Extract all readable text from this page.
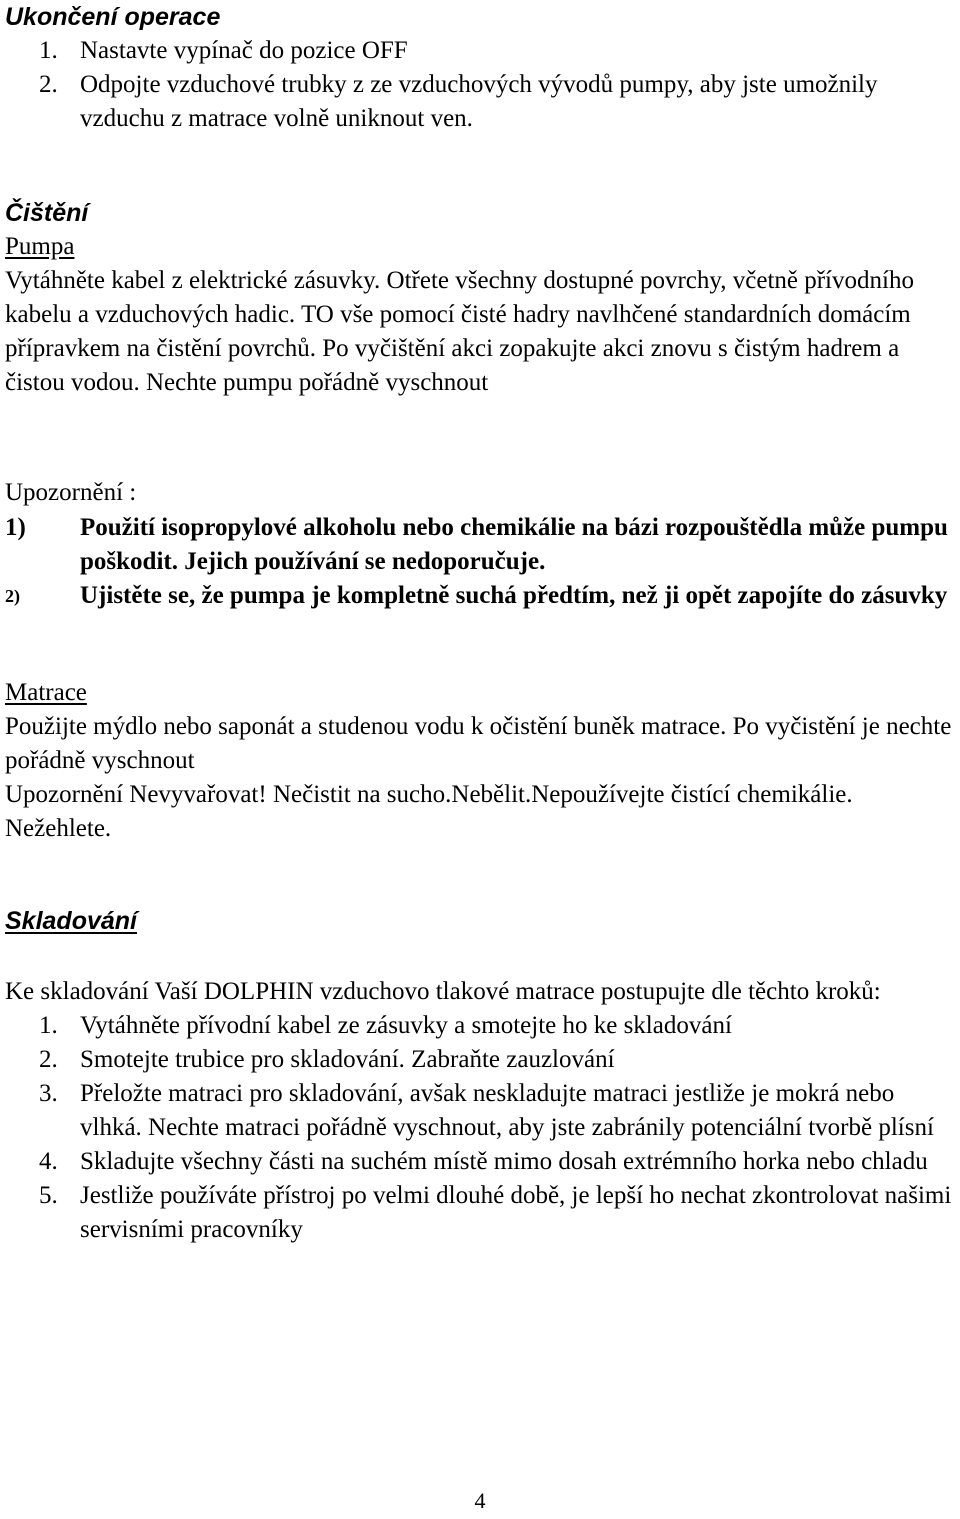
Ukončení operace
1. Nastavte vypínač do pozice OFF
2. Odpojte vzduchové trubky z ze vzduchových vývodů pumpy, aby jste umožnily vzduchu z matrace volně uniknout ven.
Čištění
Pumpa

Vytáhněte kabel z elektrické zásuvky. Otřete všechny dostupné povrchy, včetně přívodního kabelu a vzduchových hadic. TO vše pomocí čisté hadry navlhčené standardních domácím přípravkem na čistění povrchů. Po vyčištění akci zopakujte akci znovu s čistým hadrem a čistou vodou. Nechte pumpu pořádně vyschnout

Upozornění :
1) Použití isopropylové alkoholu nebo chemikálie na bázi rozpouštědla může pumpu poškodit. Jejich používání se nedoporučuje.
2) Ujistěte se, že pumpa je kompletně suchá předtím, než ji opět zapojíte do zásuvky
Matrace

Použijte mýdlo nebo saponát a studenou vodu k očistění buněk matrace. Po vyčistění je nechte pořádně vyschnout

Upozornění Nevyvařovat! Nečistit na sucho.Nebělit.Nepoužívejte čistící chemikálie. Nežehlete.

Skladování

Ke skladování Vaší DOLPHIN vzduchovo tlakové matrace postupujte dle těchto kroků:

1. Vytáhněte přívodní kabel ze zásuvky a smotejte ho ke skladování
2. Smotejte trubice pro skladování. Zabraňte zauzlování
3. Přeložte matraci pro skladování, avšak neskladujte matraci jestliže je mokrá nebo vlhká. Nechte matraci pořádně vyschnout, aby jste zabránily potenciální tvorbě plísní
4. Skladujte všechny části na suchém místě mimo dosah extrémního horka nebo chladu
5. Jestliže používáte přístroj po velmi dlouhé době, je lepší ho nechat zkontrolovat našimi servisními pracovníky
4
